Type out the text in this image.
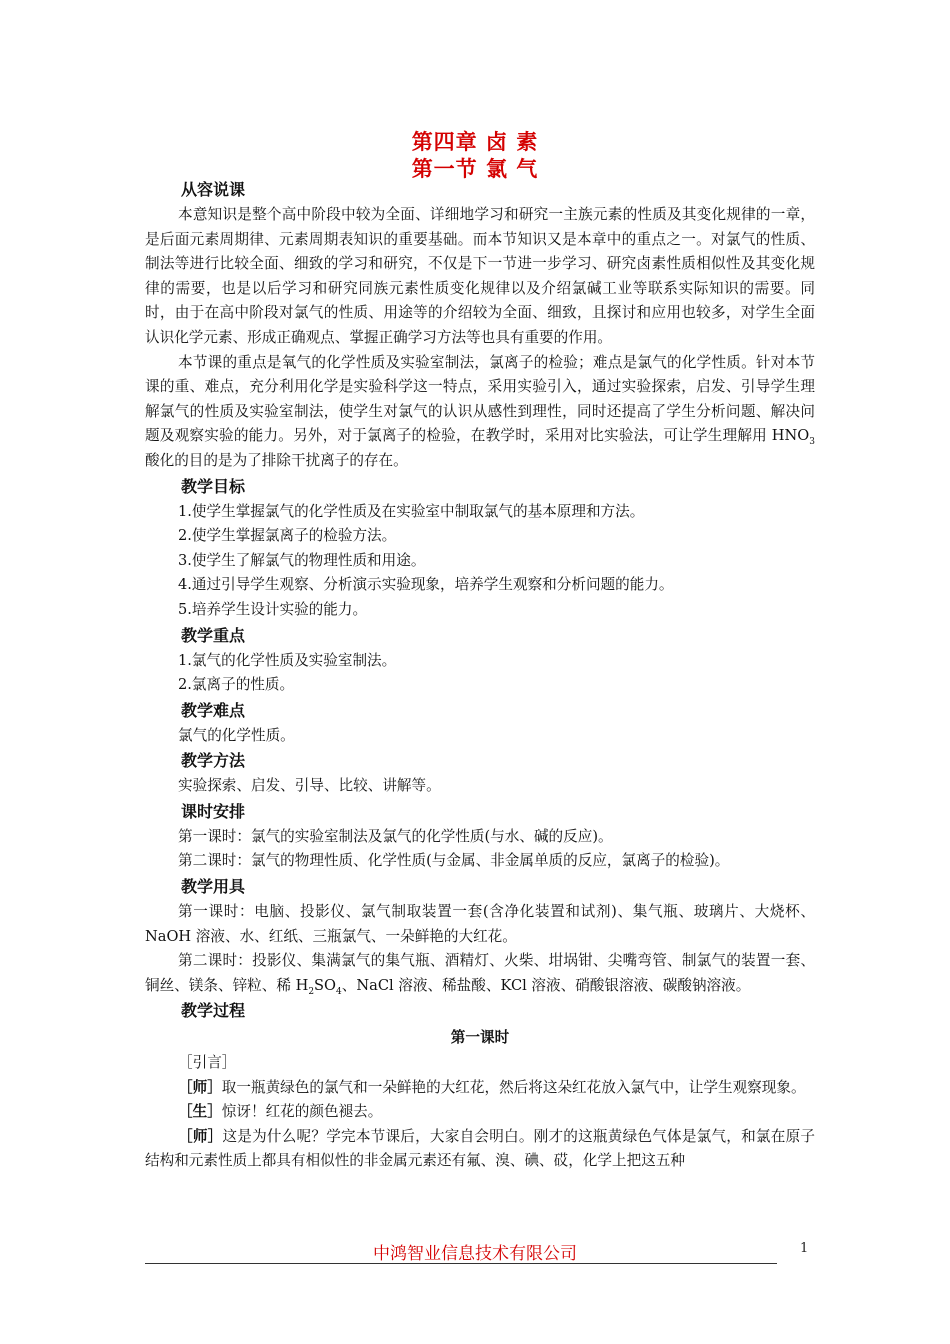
第四章 卤 素
第一节 氯 气
从容说课

本意知识是整个高中阶段中较为全面、详细地学习和研究一主族元素的性质及其变化规律的一章，是后面元素周期律、元素周期表知识的重要基础。而本节知识又是本章中的重点之一。对氯气的性质、制法等进行比较全面、细致的学习和研究，不仅是下一节进一步学习、研究卤素性质相似性及其变化规律的需要，也是以后学习和研究同族元素性质变化规律以及介绍氯碱工业等联系实际知识的需要。同时，由于在高中阶段对氯气的性质、用途等的介绍较为全面、细致，且探讨和应用也较多，对学生全面认识化学元素、形成正确观点、掌握正确学习方法等也具有重要的作用。

本节课的重点是氧气的化学性质及实验室制法，氯离子的检验；难点是氯气的化学性质。针对本节课的重、难点，充分利用化学是实验科学这一特点，采用实验引入，通过实验探索，启发、引导学生理解氯气的性质及实验室制法，使学生对氯气的认识从感性到理性，同时还提高了学生分析问题、解决问题及观察实验的能力。另外，对于氯离子的检验，在教学时，采用对比实验法，可让学生理解用 $HNO_3$酸化的目的是为了排除干扰离子的存在。

教学目标

1.使学生掌握氯气的化学性质及在实验室中制取氯气的基本原理和方法。

2.使学生掌握氯离子的检验方法。

3.使学生了解氯气的物理性质和用途。

4.通过引导学生观察、分析演示实验现象，培养学生观察和分析问题的能力。

5.培养学生设计实验的能力。

教学重点

1.氯气的化学性质及实验室制法。

2.氯离子的性质。

教学难点

氯气的化学性质。

教学方法

实验探索、启发、引导、比较、讲解等。

课时安排

第一课时：氯气的实验室制法及氯气的化学性质(与水、碱的反应)。

第二课时：氯气的物理性质、化学性质(与金属、非金属单质的反应，氯离子的检验)。

教学用具

第一课时：电脑、投影仪、氯气制取装置一套(含净化装置和试剂)、集气瓶、玻璃片、大烧杯、NaOH 溶液、水、红纸、三瓶氯气、一朵鲜艳的大红花。

第二课时：投影仪、集满氯气的集气瓶、酒精灯、火柴、坩埚钳、尖嘴弯管、制氯气的装置一套、铜丝、镁条、锌粒、稀 $H_2SO_4$、NaCl 溶液、稀盐酸、KCl 溶液、硝酸银溶液、碳酸钠溶液。

教学过程

第一课时

［引言］

［师］取一瓶黄绿色的氯气和一朵鲜艳的大红花，然后将这朵红花放入氯气中，让学生观察现象。

［生］惊讶！红花的颜色褪去。

［师］这是为什么呢？学完本节课后，大家自会明白。刚才的这瓶黄绿色气体是氯气，和氯在原子结构和元素性质上都具有相似性的非金属元素还有氟、溴、碘、砹，化学上把这五种

中鸿智业信息技术有限公司	1
